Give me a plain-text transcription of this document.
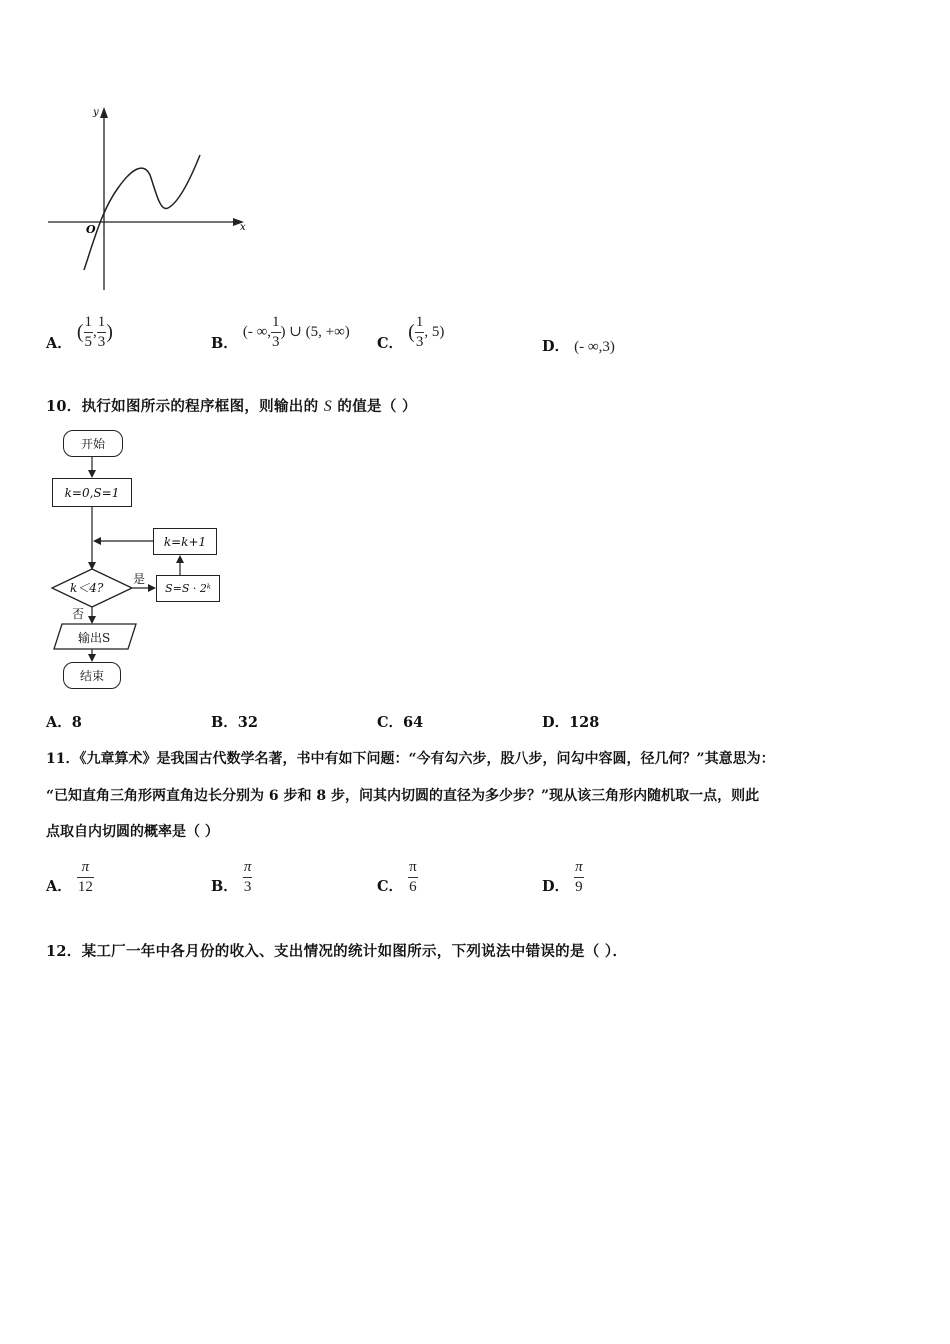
y
x
O
A． ( $\frac{1}{5}$ , $\frac{1}{3}$ )
B． (- ∞, $\frac{1}{3}$ ) ∪ (5, +∞)
C． ( $\frac{1}{3}$ , 5)
D． (- ∞,3)
10．执行如图所示的程序框图，则输出的 S 的值是（ ）
开始
k=0,S=1
k=k+1
k＜4?
是
S=S · 2ᵏ
否
输出S
结束
A．8	B．32	C．64	D．128
11．《九章算术》是我国古代数学名著，书中有如下问题：“今有勾六步，股八步，问勾中容圆，径几何？”其意思为：
“已知直角三角形两直角边长分别为 6 步和 8 步，问其内切圆的直径为多少步？”现从该三角形内随机取一点，则此
点取自内切圆的概率是（ ）
A． $\frac{\pi}{12}$	B． $\frac{\pi}{3}$	C． $\frac{\pi}{6}$	D． $\frac{\pi}{9}$
12．某工厂一年中各月份的收入、支出情况的统计如图所示，下列说法中错误的是（ ）．
